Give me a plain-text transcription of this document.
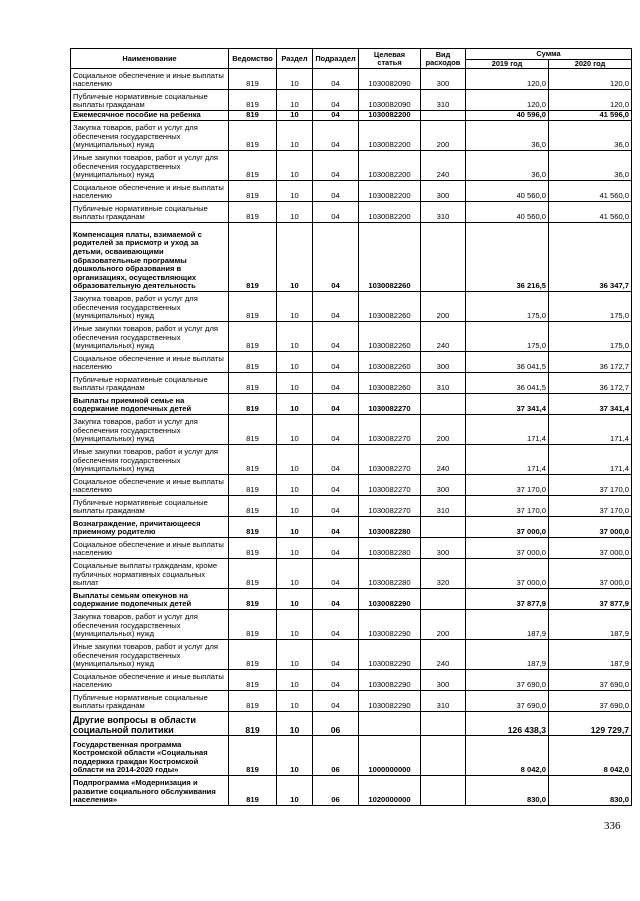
Наименование	Ведомство	Раздел	Подраздел	Целевая статья	Вид расходов	Сумма	
						2019 год	2020 год
Социальное обеспечение и иные выплаты населению	819	10	04	1030082090	300	120,0	120,0
Публичные нормативные социальные выплаты гражданам	819	10	04	1030082090	310	120,0	120,0
Ежемесячное пособие на ребенка	819	10	04	1030082200		40 596,0	41 596,0
Закупка товаров, работ и услуг для обеспечения государственных (муниципальных) нужд	819	10	04	1030082200	200	36,0	36,0
Иные закупки товаров, работ и услуг для обеспечения государственных (муниципальных) нужд	819	10	04	1030082200	240	36,0	36,0
Социальное обеспечение и иные выплаты населению	819	10	04	1030082200	300	40 560,0	41 560,0
Публичные нормативные социальные выплаты гражданам	819	10	04	1030082200	310	40 560,0	41 560,0
Компенсация платы, взимаемой с родителей за присмотр и уход за детьми, осваивающими образовательные программы дошкольного образования в организациях, осуществляющих образовательную деятельность	819	10	04	1030082260		36 216,5	36 347,7
Закупка товаров, работ и услуг для обеспечения государственных (муниципальных) нужд	819	10	04	1030082260	200	175,0	175,0
Иные закупки товаров, работ и услуг для обеспечения государственных (муниципальных) нужд	819	10	04	1030082260	240	175,0	175,0
Социальное обеспечение и иные выплаты населению	819	10	04	1030082260	300	36 041,5	36 172,7
Публичные нормативные социальные выплаты гражданам	819	10	04	1030082260	310	36 041,5	36 172,7
Выплаты приемной семье на содержание подопечных детей	819	10	04	1030082270		37 341,4	37 341,4
Закупка товаров, работ и услуг для обеспечения государственных (муниципальных) нужд	819	10	04	1030082270	200	171,4	171,4
Иные закупки товаров, работ и услуг для обеспечения государственных (муниципальных) нужд	819	10	04	1030082270	240	171,4	171,4
Социальное обеспечение и иные выплаты населению	819	10	04	1030082270	300	37 170,0	37 170,0
Публичные нормативные социальные выплаты гражданам	819	10	04	1030082270	310	37 170,0	37 170,0
Вознаграждение, причитающееся приемному родителю	819	10	04	1030082280		37 000,0	37 000,0
Социальное обеспечение и иные выплаты населению	819	10	04	1030082280	300	37 000,0	37 000,0
Социальные выплаты гражданам, кроме публичных нормативных социальных выплат	819	10	04	1030082280	320	37 000,0	37 000,0
Выплаты семьям опекунов на содержание подопечных детей	819	10	04	1030082290		37 877,9	37 877,9
Закупка товаров, работ и услуг для обеспечения государственных (муниципальных) нужд	819	10	04	1030082290	200	187,9	187,9
Иные закупки товаров, работ и услуг для обеспечения государственных (муниципальных) нужд	819	10	04	1030082290	240	187,9	187,9
Социальное обеспечение и иные выплаты населению	819	10	04	1030082290	300	37 690,0	37 690,0
Публичные нормативные социальные выплаты гражданам	819	10	04	1030082290	310	37 690,0	37 690,0
Другие вопросы в области социальной политики	819	10	06			126 438,3	129 729,7
Государственная программа Костромской области «Социальная поддержка граждан Костромской области на 2014-2020 годы»	819	10	06	1000000000		8 042,0	8 042,0
Подпрограмма «Модернизация и развитие социального обслуживания населения»	819	10	06	1020000000		830,0	830,0
336
